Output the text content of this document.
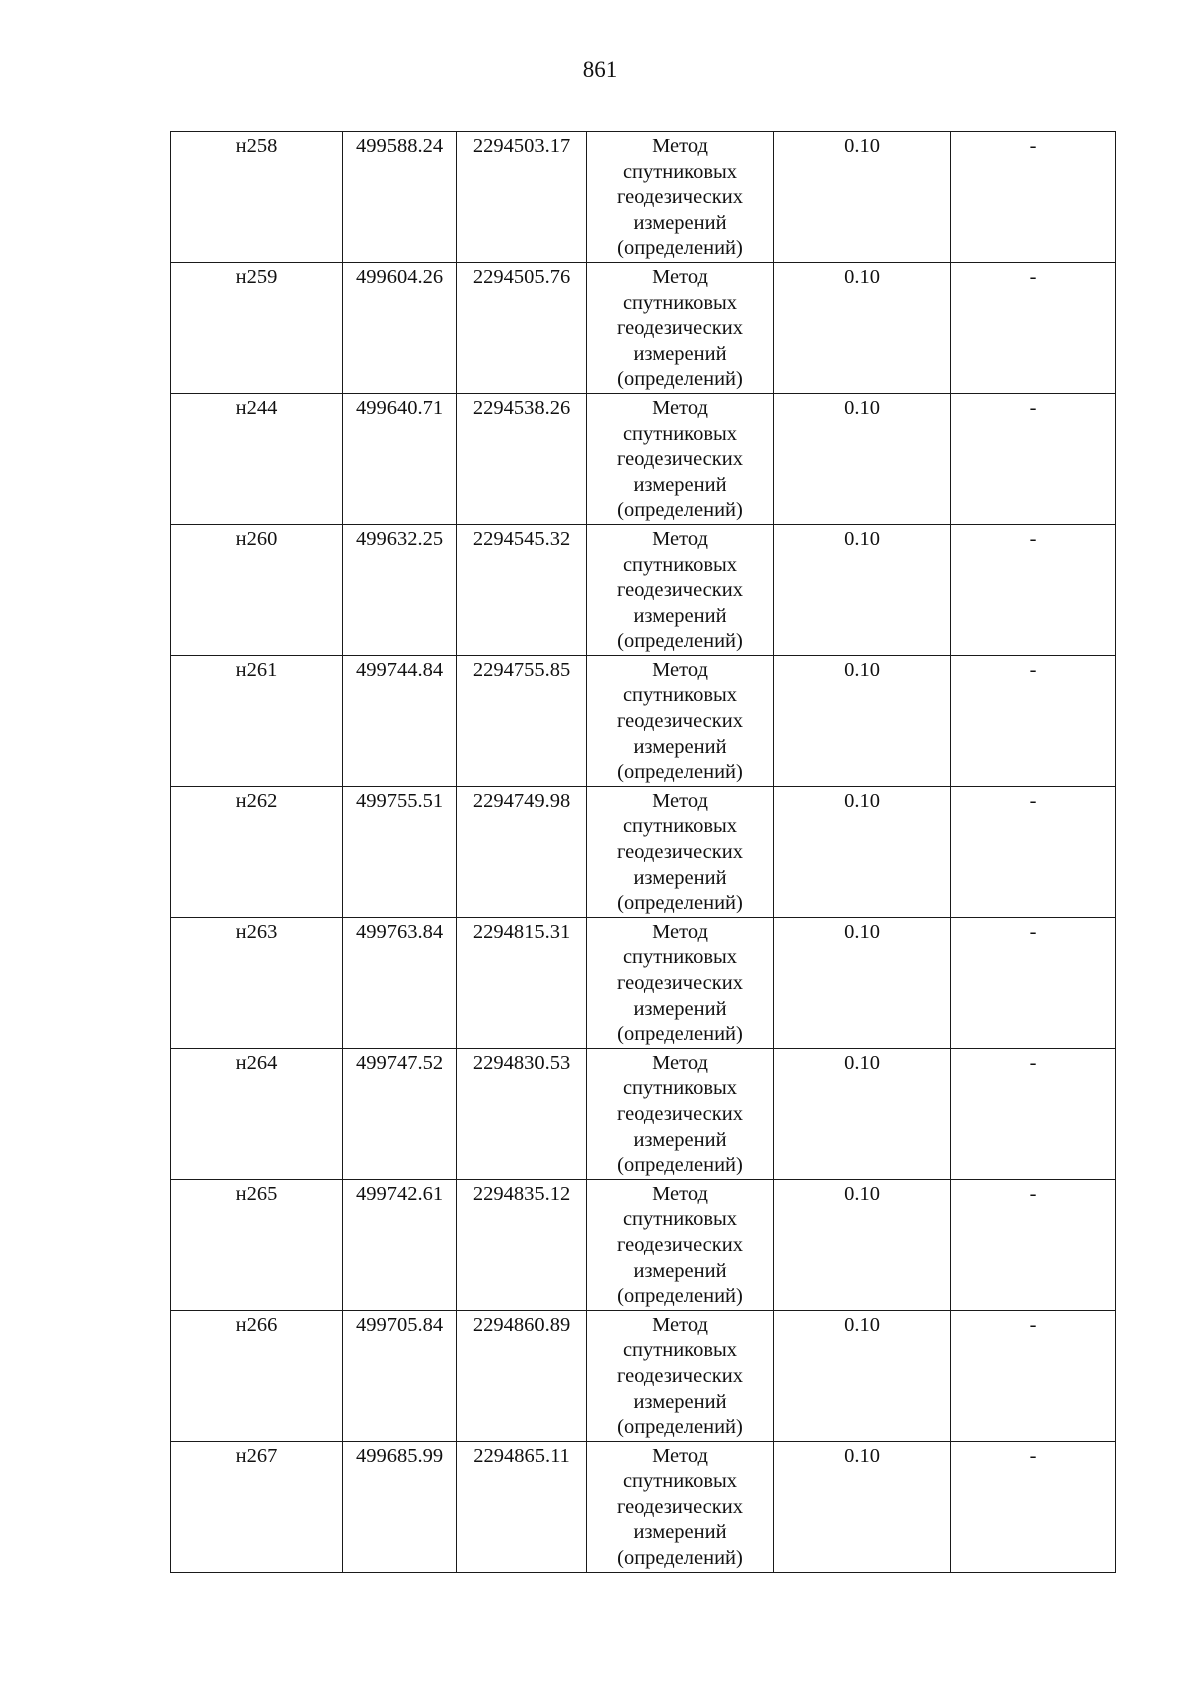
861
н258	499588.24	2294503.17	Метод
спутниковых
геодезических
измерений
(определений)	0.10	-
н259	499604.26	2294505.76	Метод
спутниковых
геодезических
измерений
(определений)	0.10	-
н244	499640.71	2294538.26	Метод
спутниковых
геодезических
измерений
(определений)	0.10	-
н260	499632.25	2294545.32	Метод
спутниковых
геодезических
измерений
(определений)	0.10	-
н261	499744.84	2294755.85	Метод
спутниковых
геодезических
измерений
(определений)	0.10	-
н262	499755.51	2294749.98	Метод
спутниковых
геодезических
измерений
(определений)	0.10	-
н263	499763.84	2294815.31	Метод
спутниковых
геодезических
измерений
(определений)	0.10	-
н264	499747.52	2294830.53	Метод
спутниковых
геодезических
измерений
(определений)	0.10	-
н265	499742.61	2294835.12	Метод
спутниковых
геодезических
измерений
(определений)	0.10	-
н266	499705.84	2294860.89	Метод
спутниковых
геодезических
измерений
(определений)	0.10	-
н267	499685.99	2294865.11	Метод
спутниковых
геодезических
измерений
(определений)	0.10	-
